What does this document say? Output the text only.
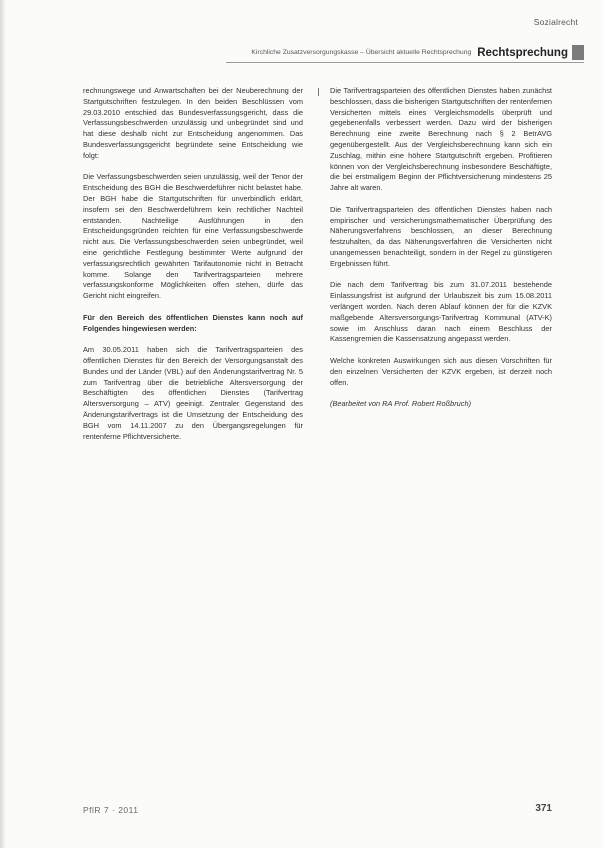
Sozialrecht
Kirchliche Zusatzversorgungskasse – Übersicht aktuelle Rechtsprechung Rechtsprechung

rechnungswege und Anwartschaften bei der Neuberechnung der Startgutschriften festzulegen. In den beiden Beschlüssen vom 29.03.2010 entschied das Bundesverfassungsgericht, dass die Verfassungsbeschwerden unzulässig und unbegründet sind und hat diese deshalb nicht zur Entscheidung angenommen. Das Bundesverfassungsgericht begründete seine Entscheidung wie folgt:

Die Verfassungsbeschwerden seien unzulässig, weil der Tenor der Entscheidung des BGH die Beschwerdeführer nicht belastet habe. Der BGH habe die Startgutschriften für unverbindlich erklärt, insofern sei den Beschwerdeführern kein rechtlicher Nachteil entstanden. Nachteilige Ausführungen in den Entscheidungsgründen reichten für eine Verfassungsbeschwerde nicht aus. Die Verfassungsbeschwerden seien unbegründet, weil eine gerichtliche Festlegung bestimmter Werte aufgrund der verfassungsrechtlich gewährten Tarifautonomie nicht in Betracht komme. Solange den Tarifvertragsparteien mehrere verfassungskonforme Möglichkeiten offen stehen, dürfe das Gericht nicht eingreifen.

Für den Bereich des öffentlichen Dienstes kann noch auf Folgendes hingewiesen werden:

Am 30.05.2011 haben sich die Tarifvertragsparteien des öffentlichen Dienstes für den Bereich der Versorgungsanstalt des Bundes und der Länder (VBL) auf den Änderungstarifvertrag Nr. 5 zum Tarifvertrag über die betriebliche Altersversorgung der Beschäftigten des öffentlichen Dienstes (Tarifvertrag Altersversorgung – ATV) geeinigt. Zentraler Gegenstand des Änderungstarifvertrags ist die Umsetzung der Entscheidung des BGH vom 14.11.2007 zu den Übergangsregelungen für rentenferne Pflichtversicherte.

Die Tarifvertragsparteien des öffentlichen Dienstes haben zunächst beschlossen, dass die bisherigen Startgutschriften der rentenfernen Versicherten mittels eines Vergleichsmodells überprüft und gegebenenfalls verbessert werden. Dazu wird der bisherigen Berechnung eine zweite Berechnung nach § 2 BetrAVG gegenübergestellt. Aus der Vergleichsberechnung kann sich ein Zuschlag, mithin eine höhere Startgutschrift ergeben. Profitieren können von der Vergleichsberechnung insbesondere Beschäftigte, die bei erstmaligem Beginn der Pflichtversicherung mindestens 25 Jahre alt waren.

Die Tarifvertragsparteien des öffentlichen Dienstes haben nach empirischer und versicherungsmathematischer Überprüfung des Näherungsverfahrens beschlossen, an dieser Berechnung festzuhalten, da das Näherungsverfahren die Versicherten nicht unangemessen benachteiligt, sondern in der Regel zu günstigeren Ergebnissen führt.

Die nach dem Tarifvertrag bis zum 31.07.2011 bestehende Einlassungsfrist ist aufgrund der Urlaubszeit bis zum 15.08.2011 verlängert worden. Nach deren Ablauf können der für die KZVK maßgebende Altersversorgungs-Tarifvertrag Kommunal (ATV-K) sowie im Anschluss daran nach einem Beschluss der Kassengremien die Kassensatzung angepasst werden.

Welche konkreten Auswirkungen sich aus diesen Vorschriften für den einzelnen Versicherten der KZVK ergeben, ist derzeit noch offen.

(Bearbeitet von RA Prof. Robert Roßbruch)

PflR 7 · 2011	371
